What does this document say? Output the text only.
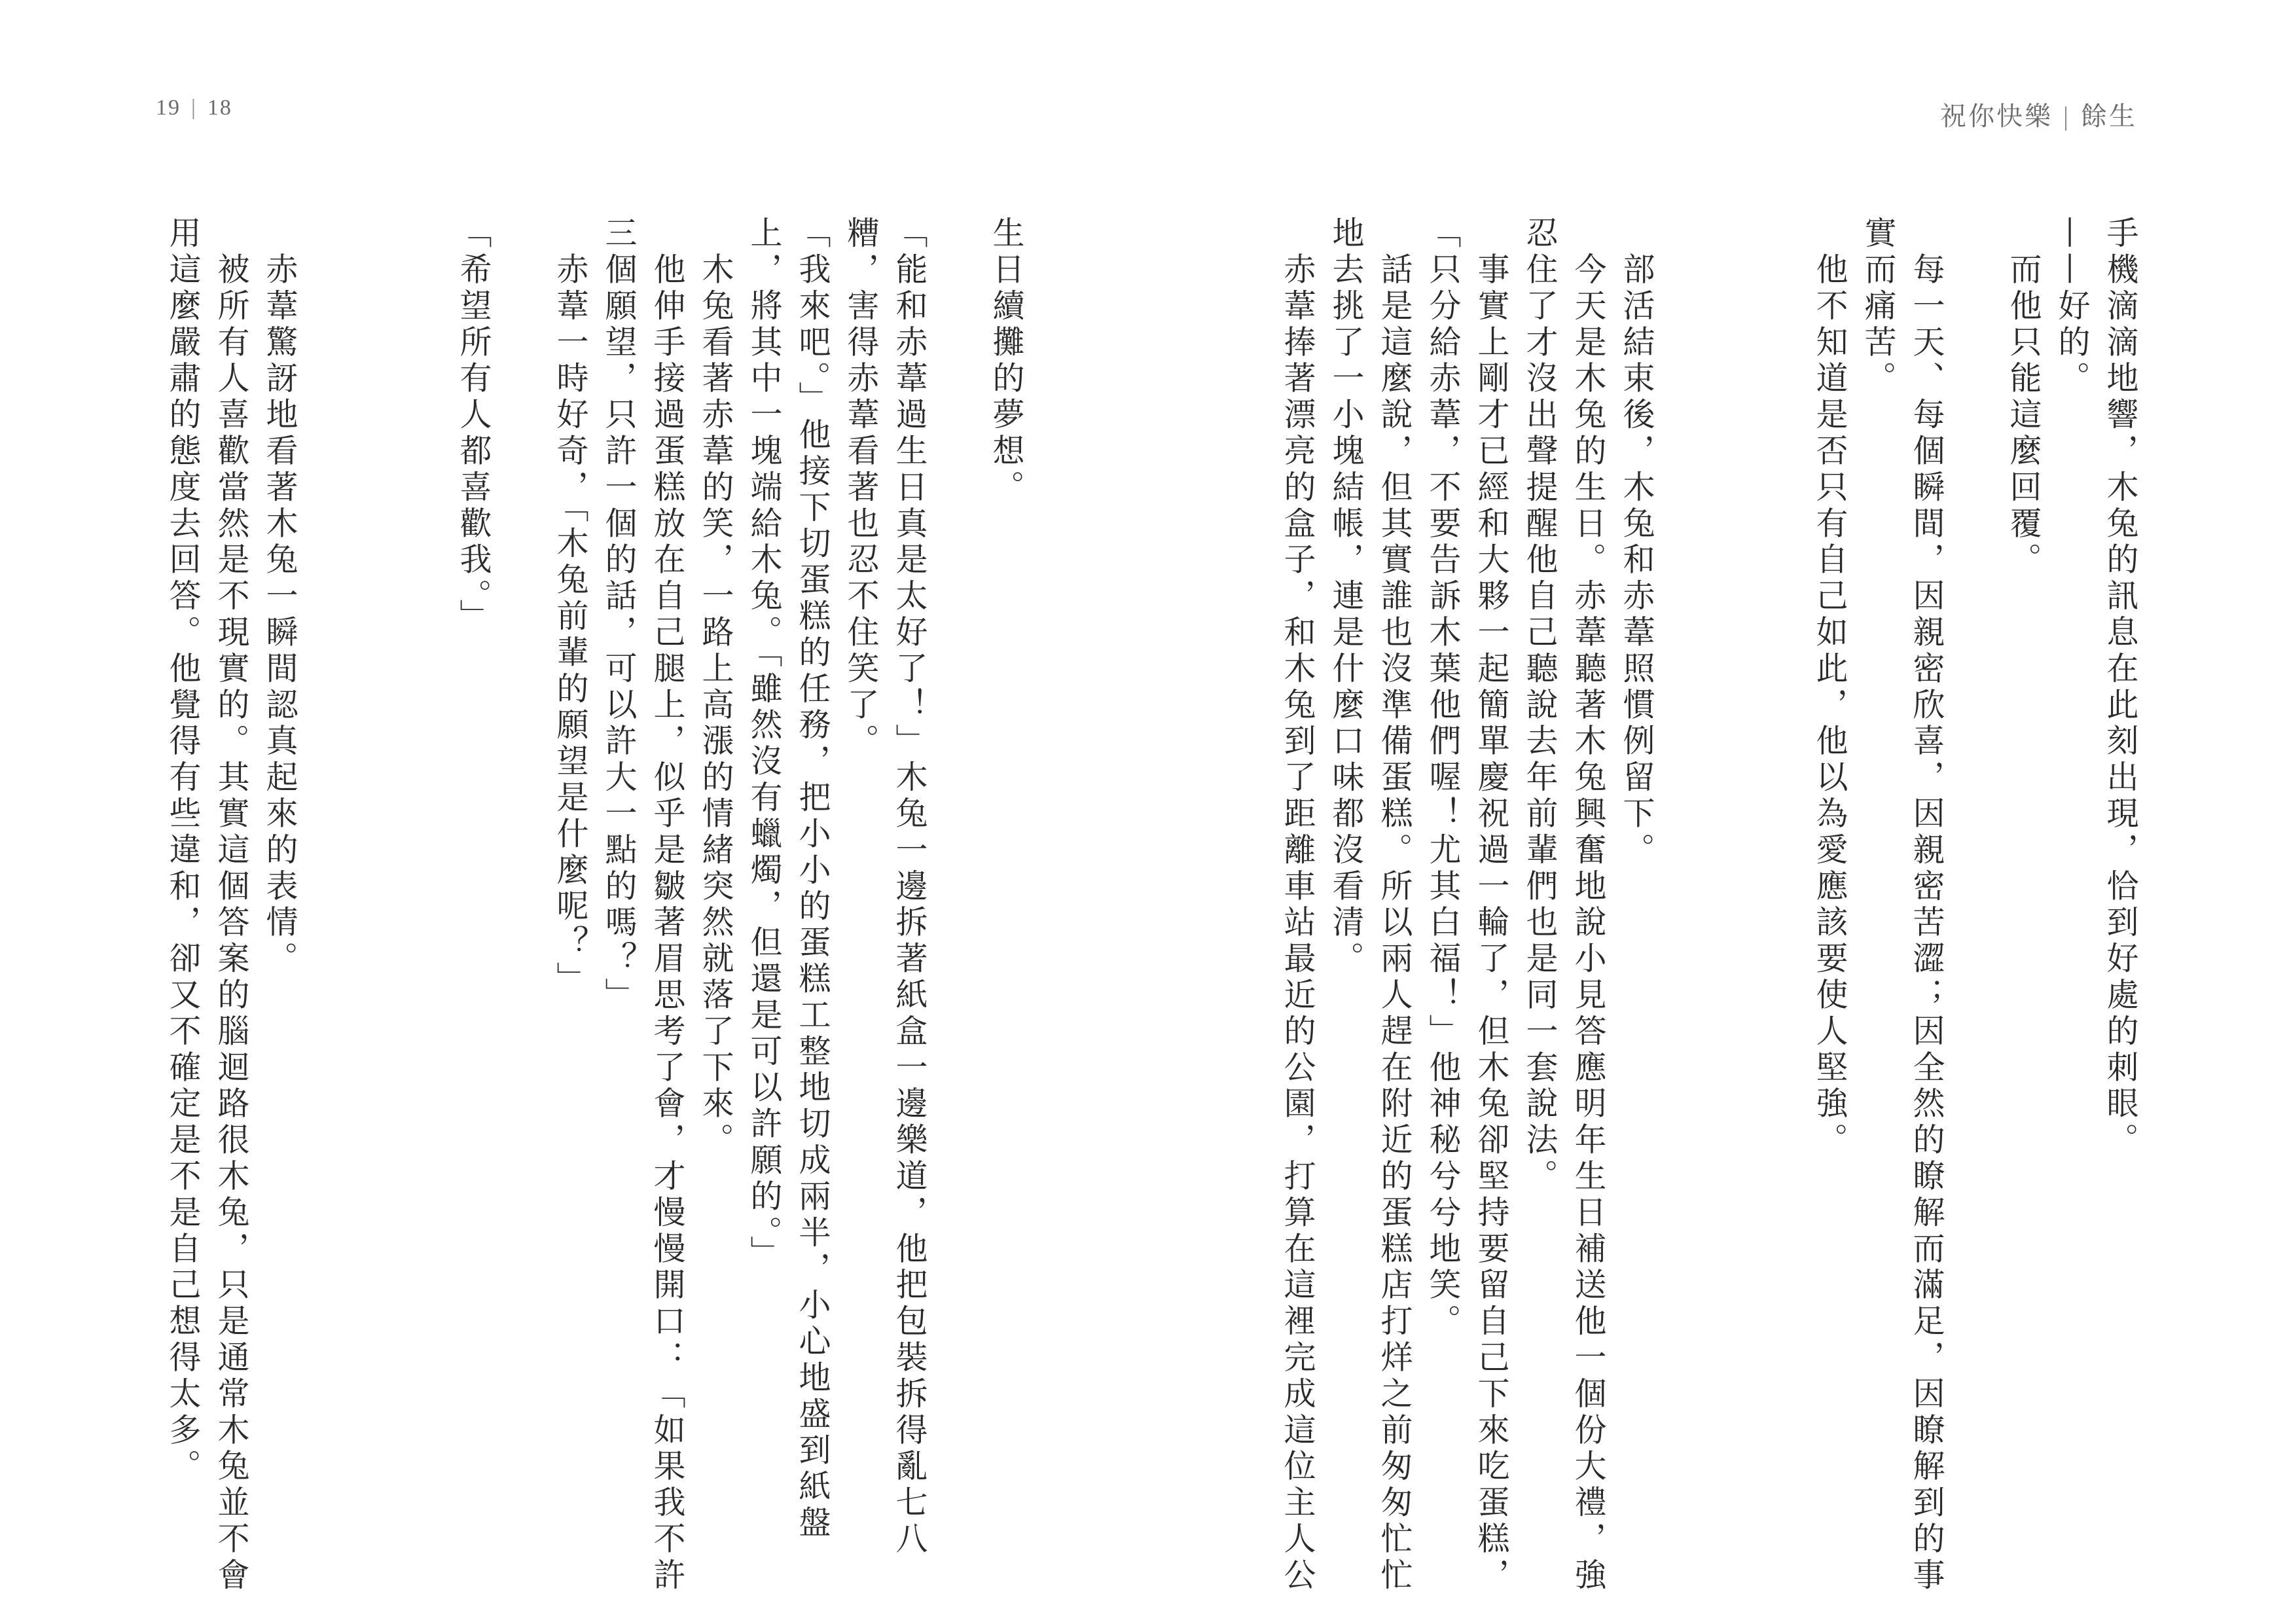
19 | 18	祝你快樂 | 餘生
手機滴滴地響，木兔的訊息在此刻出現，恰到好處的刺眼。
——好的。
　而他只能這麼回覆。
　每一天、每個瞬間，因親密欣喜，因親密苦澀；因全然的瞭解而滿足，因瞭解到的事
實而痛苦。
　他不知道是否只有自己如此，他以為愛應該要使人堅強。
　部活結束後，木兔和赤葦照慣例留下。
　今天是木兔的生日。赤葦聽著木兔興奮地說小見答應明年生日補送他一個份大禮，強
忍住了才沒出聲提醒他自己聽說去年前輩們也是同一套說法。
　事實上剛才已經和大夥一起簡單慶祝過一輪了，但木兔卻堅持要留自己下來吃蛋糕，
「只分給赤葦，不要告訴木葉他們喔！尤其白福！」他神秘兮兮地笑。
　話是這麼說，但其實誰也沒準備蛋糕。所以兩人趕在附近的蛋糕店打烊之前匆匆忙忙
地去挑了一小塊結帳，連是什麼口味都沒看清。
　赤葦捧著漂亮的盒子，和木兔到了距離車站最近的公園，打算在這裡完成這位主人公
生日續攤的夢想。
「能和赤葦過生日真是太好了！」木兔一邊拆著紙盒一邊樂道，他把包裝拆得亂七八
糟，害得赤葦看著也忍不住笑了。
「我來吧。」他接下切蛋糕的任務，把小小的蛋糕工整地切成兩半，小心地盛到紙盤
上，將其中一塊端給木兔。「雖然沒有蠟燭，但還是可以許願的。」
　木兔看著赤葦的笑，一路上高漲的情緒突然就落了下來。
　他伸手接過蛋糕放在自己腿上，似乎是皺著眉思考了會，才慢慢開口：「如果我不許
三個願望，只許一個的話，可以許大一點的嗎？」
　赤葦一時好奇，「木兔前輩的願望是什麼呢？」
「希望所有人都喜歡我。」
　赤葦驚訝地看著木兔一瞬間認真起來的表情。
　被所有人喜歡當然是不現實的。其實這個答案的腦迴路很木兔，只是通常木兔並不會
用這麼嚴肅的態度去回答。他覺得有些違和，卻又不確定是不是自己想得太多。
